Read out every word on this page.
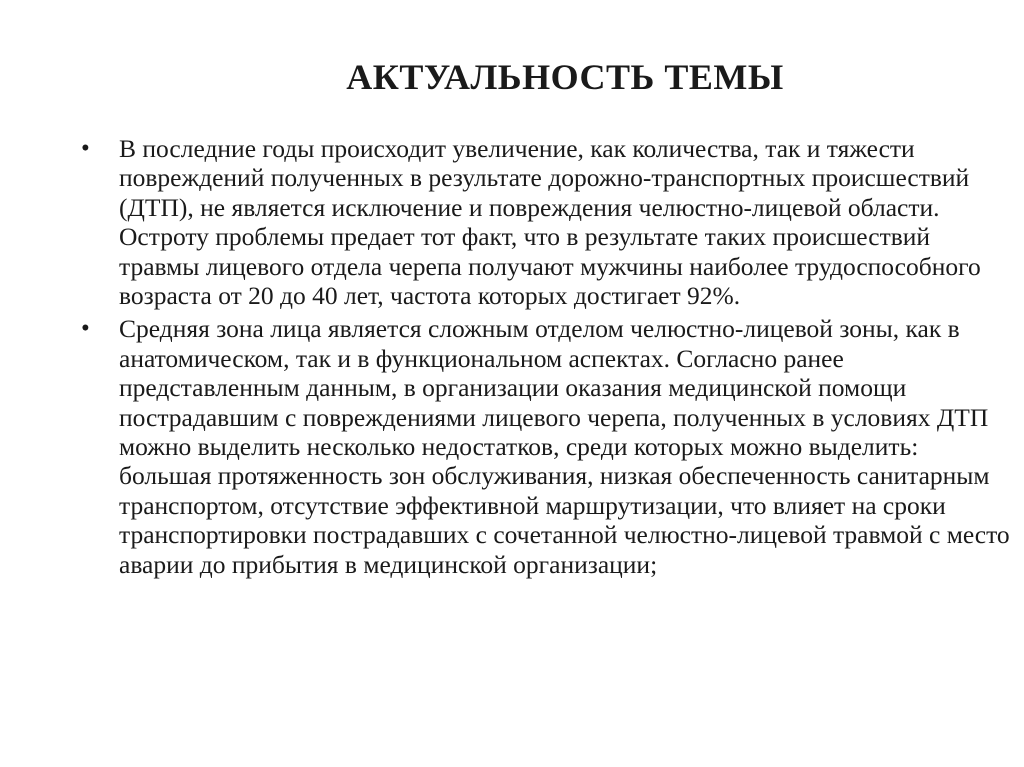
АКТУАЛЬНОСТЬ ТЕМЫ
• В последние годы происходит увеличение, как количества, так и тяжести повреждений полученных в результате дорожно-транспортных происшествий (ДТП), не является исключение и повреждения челюстно-лицевой области. Остроту проблемы предает тот факт, что в результате таких происшествий травмы лицевого отдела черепа получают мужчины наиболее трудоспособного возраста от 20 до 40 лет, частота которых достигает 92%.
• Средняя зона лица является сложным отделом челюстно-лицевой зоны, как в анатомическом, так и в функциональном аспектах. Согласно ранее представленным данным, в организации оказания медицинской помощи пострадавшим с повреждениями лицевого черепа, полученных в условиях ДТП можно выделить несколько недостатков, среди которых можно выделить: большая протяженность зон обслуживания, низкая обеспеченность санитарным транспортом, отсутствие эффективной маршрутизации, что влияет на сроки транспортировки пострадавших с сочетанной челюстно-лицевой травмой с место аварии до прибытия в медицинской организации;
